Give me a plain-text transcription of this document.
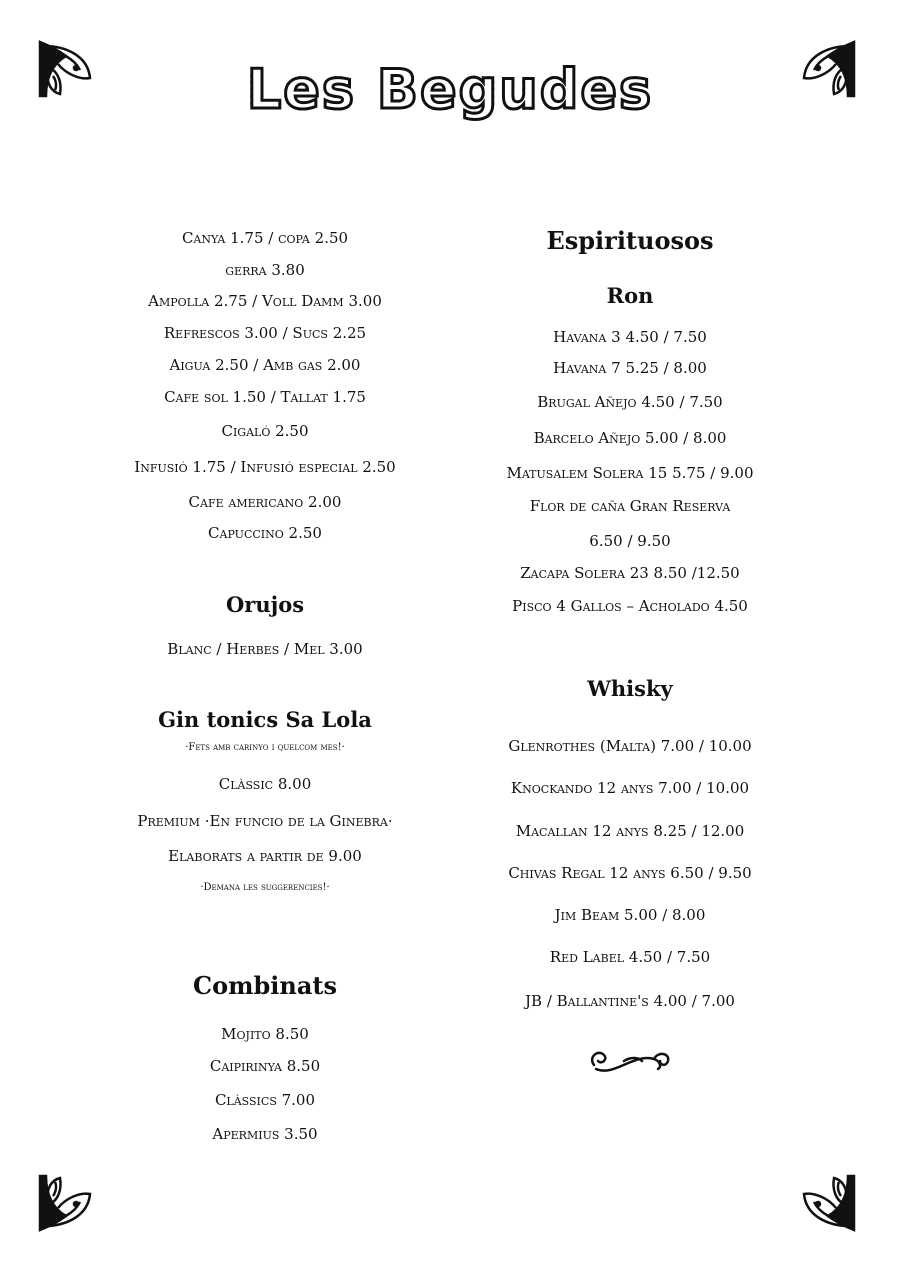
Les Begudes
Canya 1.75 / copa 2.50
gerra 3.80
Ampolla 2.75 / Voll Damm 3.00
Refrescos 3.00 / Sucs 2.25
Aigua 2.50 / Amb gas 2.00
Cafe sol 1.50 / Tallat 1.75
Cigaló 2.50
Infusió 1.75 / Infusió especial 2.50
Cafe americano 2.00
Capuccino 2.50
Orujos
Blanc / Herbes / Mel 3.00
Gin tonics Sa Lola
·Fets amb carinyo i quelcom mes!·
Clàssic 8.00
Premium ·En funcio de la Ginebra·
Elaborats a partir de 9.00
·Demana les suggerencies!·
Combinats
Mojito 8.50
Caipirinya 8.50
Clàssics 7.00
Apermius 3.50
Espirituosos
Ron
Havana 3 4.50 / 7.50
Havana 7 5.25 / 8.00
Brugal Añejo 4.50 / 7.50
Barcelo Añejo 5.00 / 8.00
Matusalem Solera 15 5.75 / 9.00
Flor de caña Gran Reserva
6.50 / 9.50
Zacapa Solera 23 8.50 /12.50
Pisco 4 Gallos – Acholado 4.50
Whisky
Glenrothes (Malta) 7.00 / 10.00
Knockando 12 anys 7.00 / 10.00
Macallan 12 anys 8.25 / 12.00
Chivas Regal 12 anys 6.50 / 9.50
Jim Beam 5.00 / 8.00
Red Label 4.50 / 7.50
JB / Ballantine's 4.00 / 7.00
